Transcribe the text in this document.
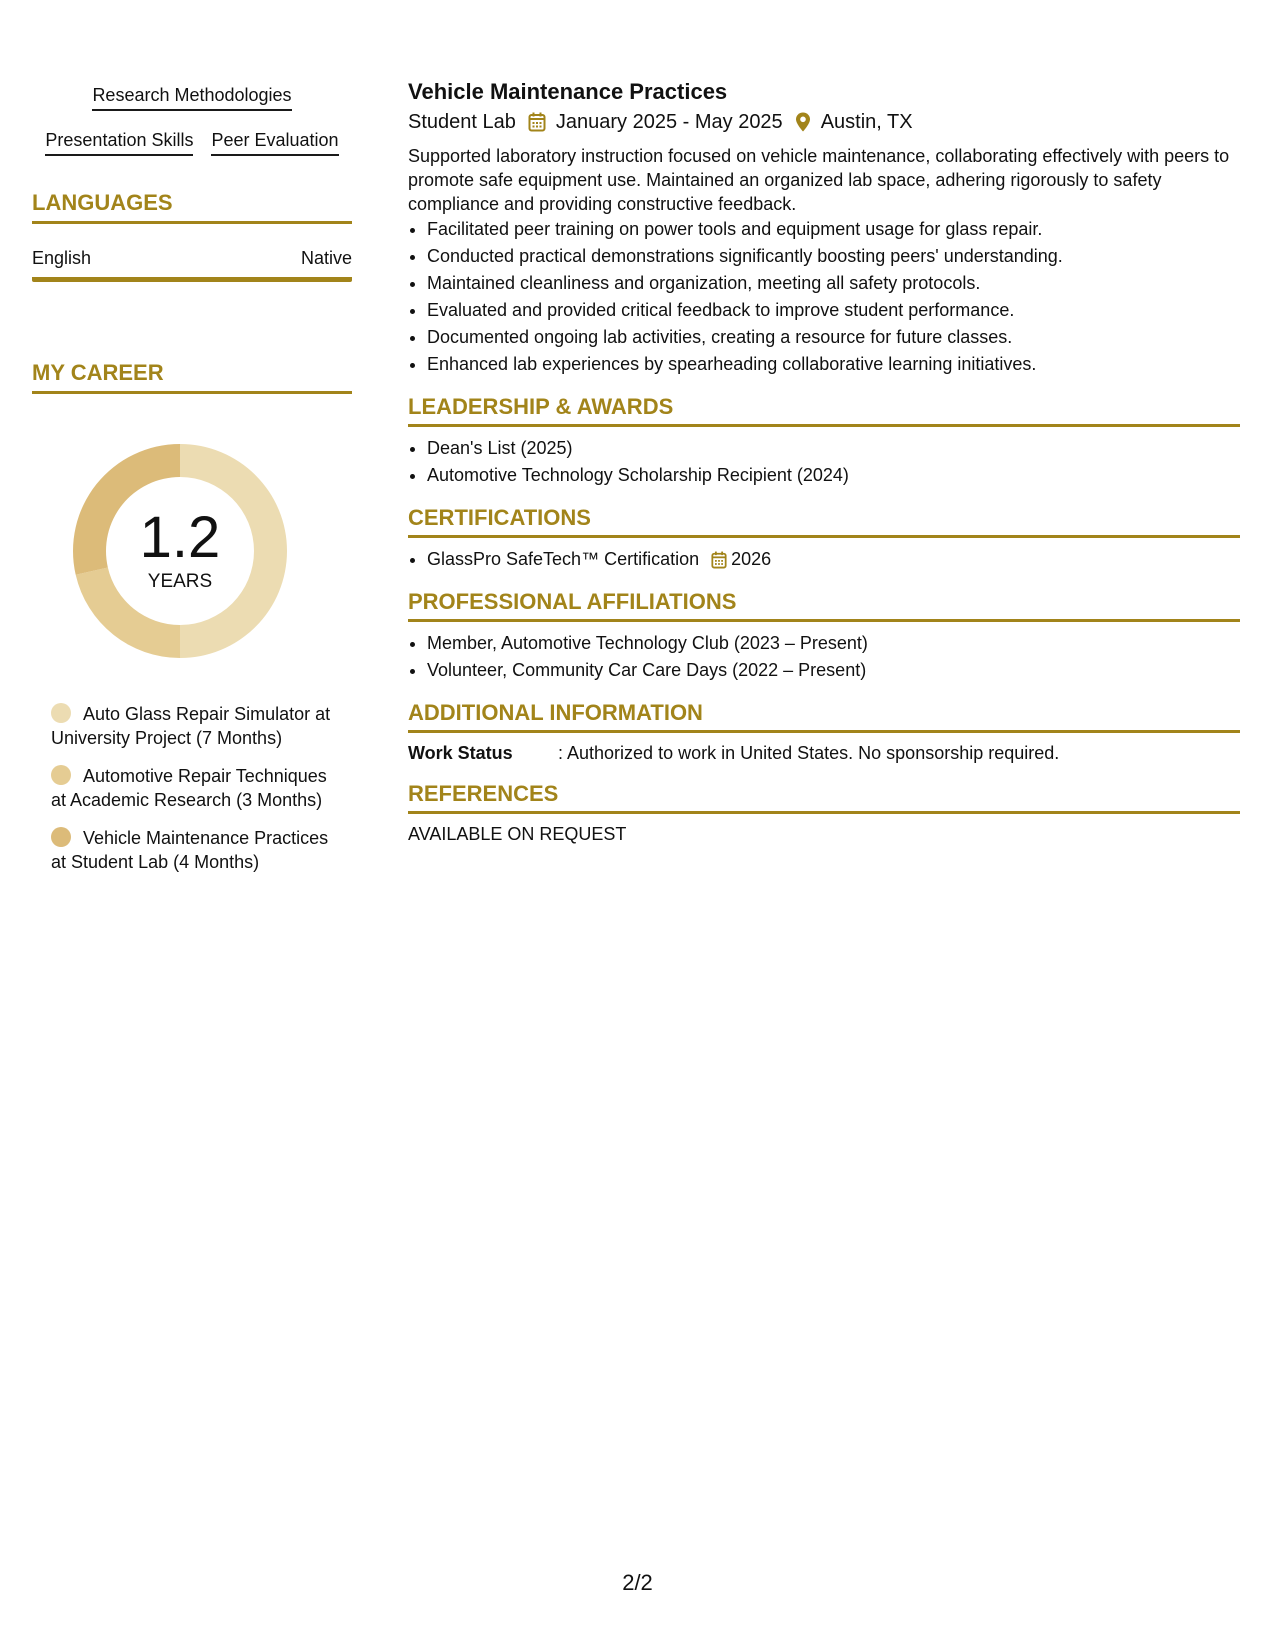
Research Methodologies
Presentation Skills Peer Evaluation
LANGUAGES
English	Native
MY CAREER
1.2
YEARS
Auto Glass Repair Simulator at University Project (7 Months)
Automotive Repair Techniques at Academic Research (3 Months)
Vehicle Maintenance Practices at Student Lab (4 Months)
Vehicle Maintenance Practices
Student Lab January 2025 - May 2025 Austin, TX
Supported laboratory instruction focused on vehicle maintenance, collaborating effectively with peers to promote safe equipment use. Maintained an organized lab space, adhering rigorously to safety compliance and providing constructive feedback.
• Facilitated peer training on power tools and equipment usage for glass repair.
• Conducted practical demonstrations significantly boosting peers' understanding.
• Maintained cleanliness and organization, meeting all safety protocols.
• Evaluated and provided critical feedback to improve student performance.
• Documented ongoing lab activities, creating a resource for future classes.
• Enhanced lab experiences by spearheading collaborative learning initiatives.
LEADERSHIP & AWARDS
• Dean's List (2025)
• Automotive Technology Scholarship Recipient (2024)
CERTIFICATIONS
• GlassPro SafeTech™ Certification 2026
PROFESSIONAL AFFILIATIONS
• Member, Automotive Technology Club (2023 – Present)
• Volunteer, Community Car Care Days (2022 – Present)
ADDITIONAL INFORMATION
Work Status	: Authorized to work in United States. No sponsorship required.
REFERENCES
AVAILABLE ON REQUEST
2/2
